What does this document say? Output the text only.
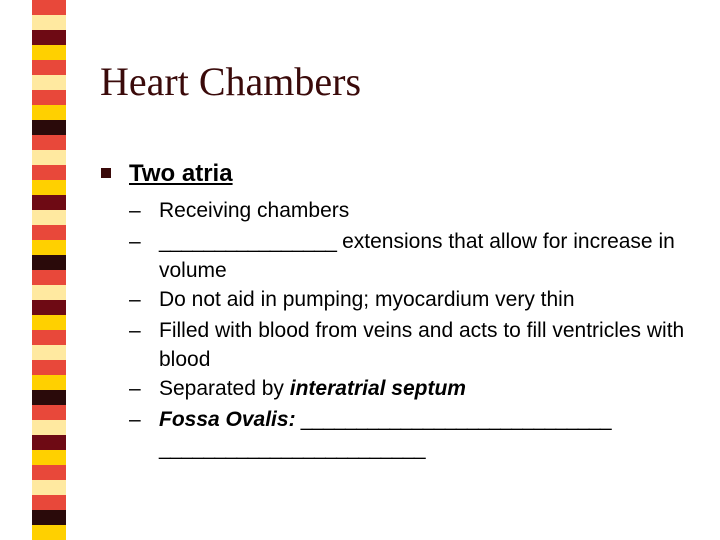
Heart Chambers
Two atria
– Receiving chambers
– ________________ extensions that allow for increase in volume
– Do not aid in pumping; myocardium very thin
– Filled with blood from veins and acts to fill ventricles with blood
– Separated by interatrial septum
– Fossa Ovalis: ____________________________ ________________________
